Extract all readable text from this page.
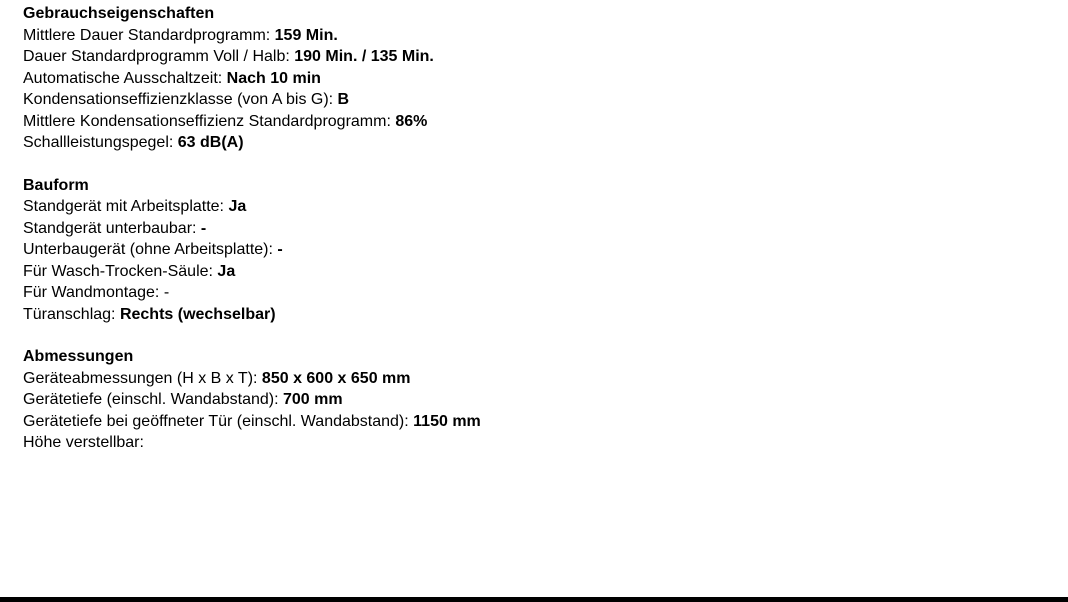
Gebrauchseigenschaften
Mittlere Dauer Standardprogramm: 159 Min.
Dauer Standardprogramm Voll / Halb: 190 Min. / 135 Min.
Automatische Ausschaltzeit: Nach 10 min
Kondensationseffizienzklasse (von A bis G): B
Mittlere Kondensationseffizienz Standardprogramm: 86%
Schallleistungspegel: 63 dB(A)
Bauform
Standgerät mit Arbeitsplatte: Ja
Standgerät unterbaubar: -
Unterbaugerät (ohne Arbeitsplatte): -
Für Wasch-Trocken-Säule: Ja
Für Wandmontage: -
Türanschlag: Rechts (wechselbar)
Abmessungen
Geräteabmessungen (H x B x T): 850 x 600 x 650 mm
Gerätetiefe (einschl. Wandabstand): 700 mm
Gerätetiefe bei geöffneter Tür (einschl. Wandabstand): 1150 mm
Höhe verstellbar:
